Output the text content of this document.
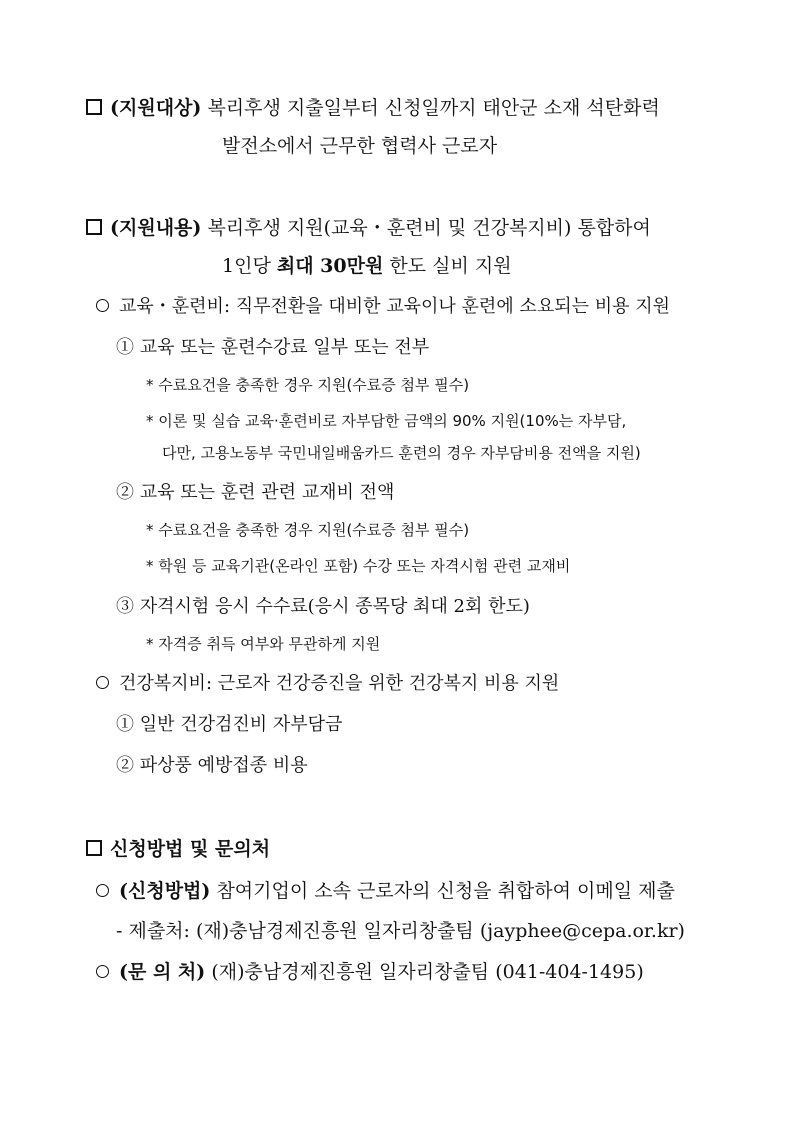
(지원대상) 복리후생 지출일부터 신청일까지 태안군 소재 석탄화력
발전소에서 근무한 협력사 근로자
(지원내용) 복리후생 지원(교육・훈련비 및 건강복지비) 통합하여
1인당 최대 30만원 한도 실비 지원
교육・훈련비: 직무전환을 대비한 교육이나 훈련에 소요되는 비용 지원
① 교육 또는 훈련수강료 일부 또는 전부
* 수료요건을 충족한 경우 지원(수료증 첨부 필수)
* 이론 및 실습 교육·훈련비로 자부담한 금액의 90% 지원(10%는 자부담,
다만, 고용노동부 국민내일배움카드 훈련의 경우 자부담비용 전액을 지원)
② 교육 또는 훈련 관련 교재비 전액
* 수료요건을 충족한 경우 지원(수료증 첨부 필수)
* 학원 등 교육기관(온라인 포함) 수강 또는 자격시험 관련 교재비
③ 자격시험 응시 수수료(응시 종목당 최대 2회 한도)
* 자격증 취득 여부와 무관하게 지원
건강복지비: 근로자 건강증진을 위한 건강복지 비용 지원
① 일반 건강검진비 자부담금
② 파상풍 예방접종 비용
신청방법 및 문의처
(신청방법) 참여기업이 소속 근로자의 신청을 취합하여 이메일 제출
- 제출처: (재)충남경제진흥원 일자리창출팀 (jayphee@cepa.or.kr)
(문 의 처) (재)충남경제진흥원 일자리창출팀 (041-404-1495)
